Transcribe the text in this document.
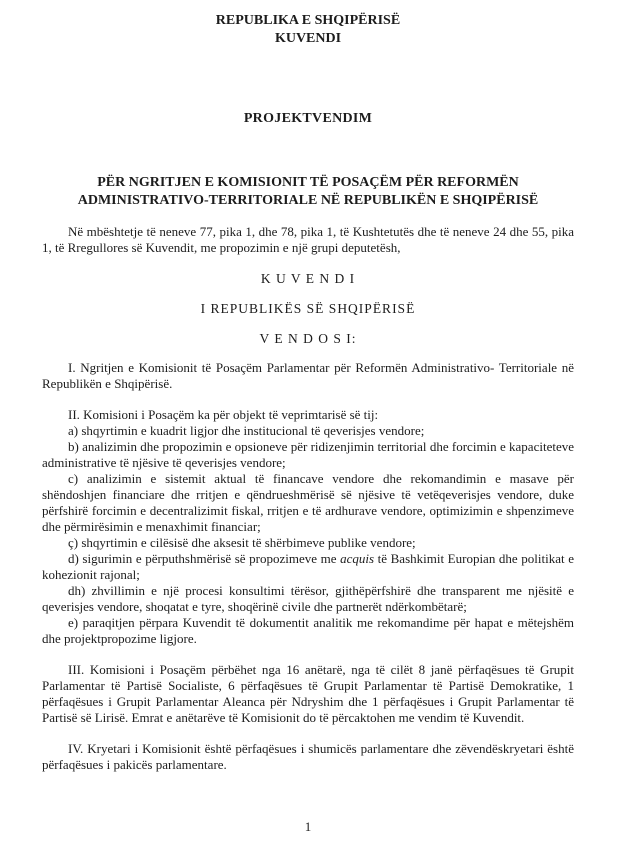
REPUBLIKA E SHQIPËRISË
KUVENDI
PROJEKTVENDIM
PËR NGRITJEN E KOMISIONIT TË POSAÇËM PËR REFORMËN
ADMINISTRATIVO-TERRITORIALE NË REPUBLIKËN E SHQIPËRISË
Në mbështetje të neneve 77, pika 1, dhe 78, pika 1, të Kushtetutës dhe të neneve 24 dhe 55, pika 1, të Rregullores së Kuvendit, me propozimin e një grupi deputetësh,
K U V E N D I
I REPUBLIKËS SË SHQIPËRISË
V E N D O S I:

I. Ngritjen e Komisionit të Posaçëm Parlamentar për Reformën Administrativo- Territoriale në Republikën e Shqipërisë.

II. Komisioni i Posaçëm ka për objekt të veprimtarisë së tij:

a) shqyrtimin e kuadrit ligjor dhe institucional të qeverisjes vendore;

b) analizimin dhe propozimin e opsioneve për ridizenjimin territorial dhe forcimin e kapaciteteve administrative të njësive të qeverisjes vendore;

c) analizimin e sistemit aktual të financave vendore dhe rekomandimin e masave për shëndoshjen financiare dhe rritjen e qëndrueshmërisë së njësive të vetëqeverisjes vendore, duke përfshirë forcimin e decentralizimit fiskal, rritjen e të ardhurave vendore, optimizimin e shpenzimeve dhe përmirësimin e menaxhimit financiar;

ç) shqyrtimin e cilësisë dhe aksesit të shërbimeve publike vendore;

d) sigurimin e përputhshmërisë së propozimeve me acquis të Bashkimit Europian dhe politikat e kohezionit rajonal;

dh) zhvillimin e një procesi konsultimi tërësor, gjithëpërfshirë dhe transparent me njësitë e qeverisjes vendore, shoqatat e tyre, shoqërinë civile dhe partnerët ndërkombëtarë;

e) paraqitjen përpara Kuvendit të dokumentit analitik me rekomandime për hapat e mëtejshëm dhe projektpropozime ligjore.

III. Komisioni i Posaçëm përbëhet nga 16 anëtarë, nga të cilët 8 janë përfaqësues të Grupit Parlamentar të Partisë Socialiste, 6 përfaqësues të Grupit Parlamentar të Partisë Demokratike, 1 përfaqësues i Grupit Parlamentar Aleanca për Ndryshim dhe 1 përfaqësues i Grupit Parlamentar të Partisë së Lirisë. Emrat e anëtarëve të Komisionit do të përcaktohen me vendim të Kuvendit.

IV. Kryetari i Komisionit është përfaqësues i shumicës parlamentare dhe zëvendëskryetari është përfaqësues i pakicës parlamentare.

1
